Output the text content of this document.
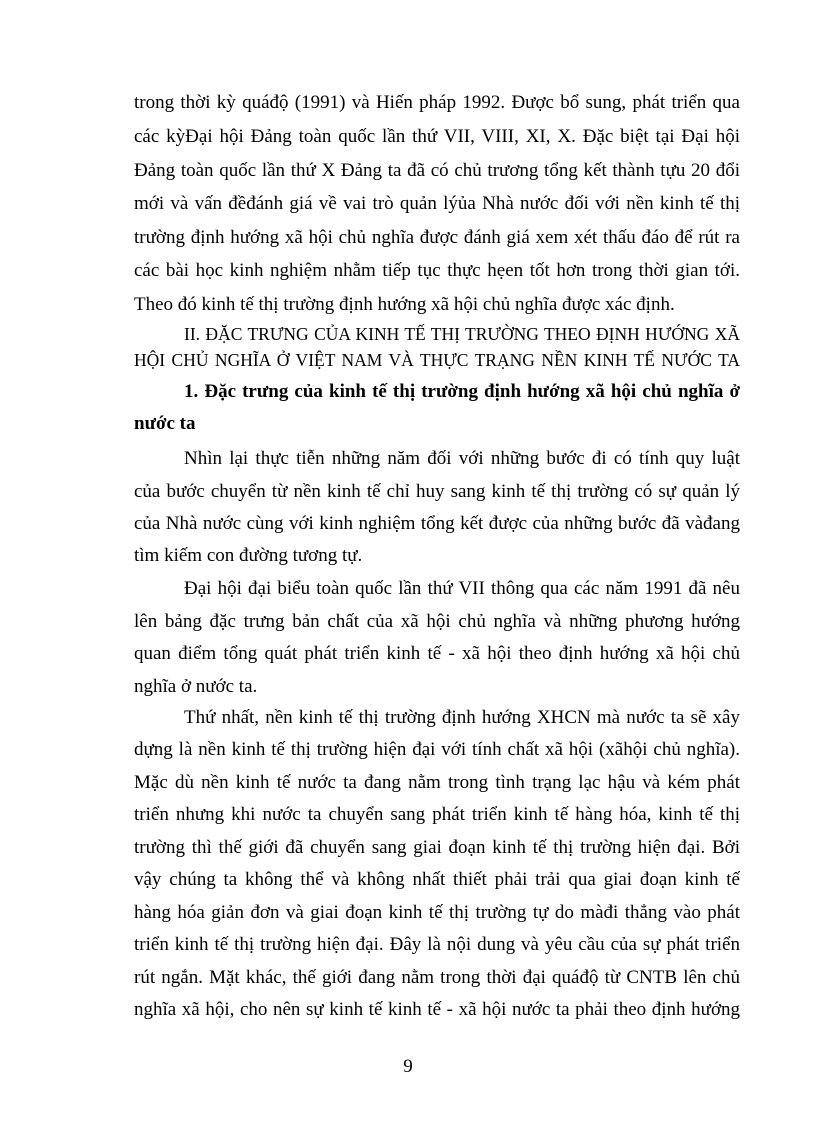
trong thời kỳ quáđộ (1991) và Hiến pháp 1992. Được bổ sung, phát triển qua
các kỳĐại hội Đảng toàn quốc lần thứ VII, VIII, XI, X. Đặc biệt tại Đại hội
Đảng toàn quốc lần thứ X Đảng ta đã có chủ trương tổng kết thành tựu 20 đổi
mới và vấn đềđánh giá về vai trò quản lýủa Nhà nước đối với nền kinh tế thị
trường định hướng xã hội chủ nghĩa được đánh giá xem xét thấu đáo để rút ra
các bài học kinh nghiệm nhằm tiếp tục thực hẹen tốt hơn trong thời gian tới.
Theo đó kinh tế thị trường định hướng xã hội chủ nghĩa được xác định.
II. ĐẶC TRƯNG CỦA KINH TẾ THỊ TRƯỜNG THEO ĐỊNH HƯỚNG XÃ
HỘI CHỦ NGHĨA Ở VIỆT NAM VÀ THỰC TRẠNG NỀN KINH TẾ NƯỚC TA
1. Đặc trưng của kinh tế thị trường định hướng xã hội chủ nghĩa ở
nước ta
Nhìn lại thực tiễn những năm đối với những bước đi có tính quy luật
của bước chuyển từ nền kinh tế chỉ huy sang kinh tế thị trường có sự quản lý
của Nhà nước cùng với kinh nghiệm tổng kết được của những bước đã vàđang
tìm kiếm con đường tương tự.
Đại hội đại biểu toàn quốc lần thứ VII thông qua các năm 1991 đã nêu
lên bảng đặc trưng bản chất của xã hội chủ nghĩa và những phương hướng
quan điểm tổng quát phát triển kinh tế - xã hội theo định hướng xã hội chủ
nghĩa ở nước ta.
Thứ nhất, nền kinh tế thị trường định hướng XHCN mà nước ta sẽ xây
dựng là nền kinh tế thị trường hiện đại với tính chất xã hội (xãhội chủ nghĩa).
Mặc dù nền kinh tế nước ta đang nằm trong tình trạng lạc hậu và kém phát
triển nhưng khi nước ta chuyển sang phát triển kinh tế hàng hóa, kinh tế thị
trường thì thế giới đã chuyển sang giai đoạn kinh tế thị trường hiện đại. Bởi
vậy chúng ta không thể và không nhất thiết phải trải qua giai đoạn kinh tế
hàng hóa giản đơn và giai đoạn kinh tế thị trường tự do màđi thẳng vào phát
triển kinh tế thị trường hiện đại. Đây là nội dung và yêu cầu của sự phát triển
rút ngắn. Mặt khác, thế giới đang nằm trong thời đại quáđộ từ CNTB lên chủ
nghĩa xã hội, cho nên sự kinh tế kinh tế - xã hội nước ta phải theo định hướng
9
